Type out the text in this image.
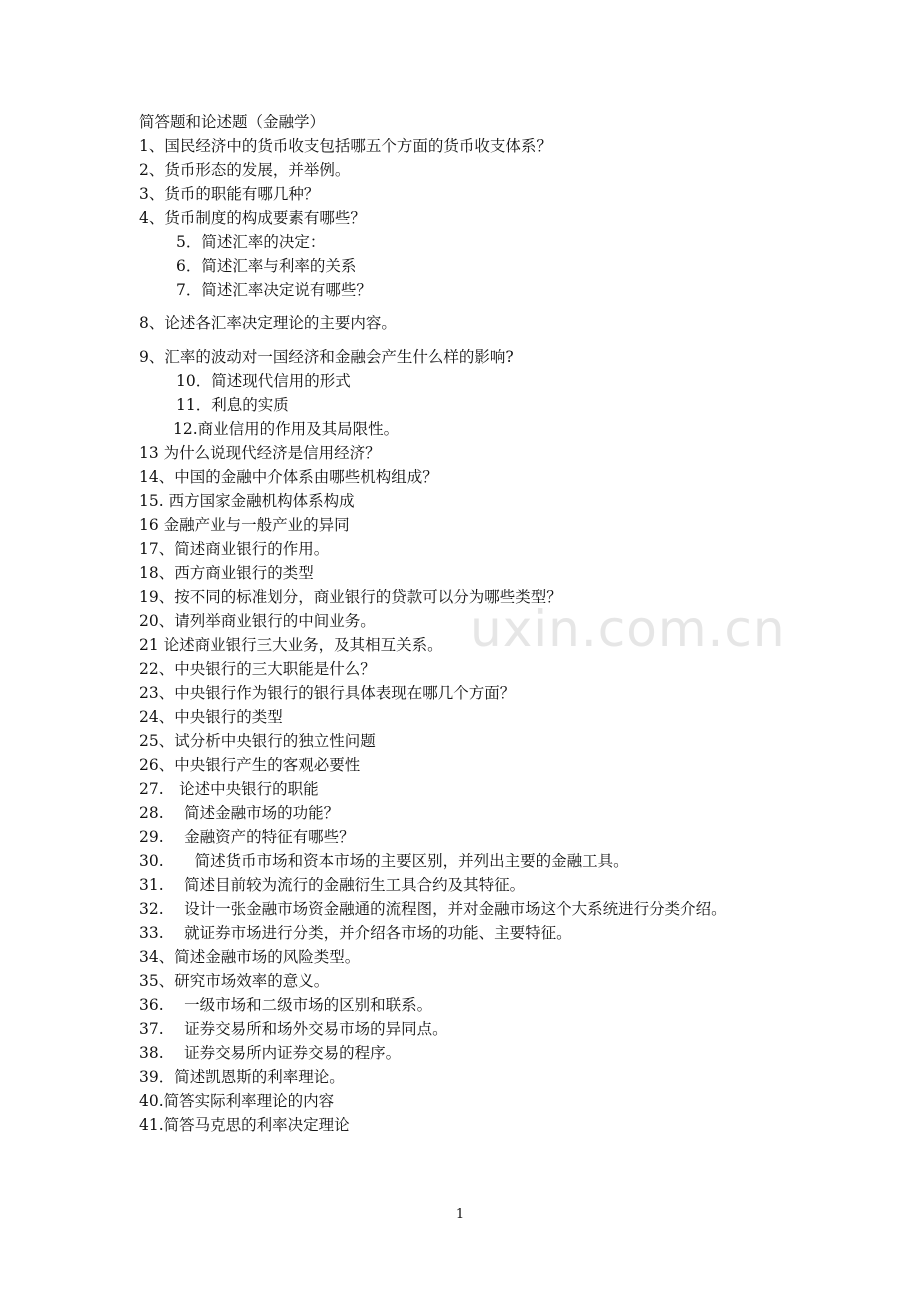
uxin.com.cn
简答题和论述题（金融学）
1、国民经济中的货币收支包括哪五个方面的货币收支体系？
2、货币形态的发展，并举例。
3、货币的职能有哪几种？
4、货币制度的构成要素有哪些？
5．简述汇率的决定：
6．简述汇率与利率的关系
7．简述汇率决定说有哪些？
8、论述各汇率决定理论的主要内容。
9、汇率的波动对一国经济和金融会产生什么样的影响?
10．简述现代信用的形式
11．利息的实质
12.商业信用的作用及其局限性。
13 为什么说现代经济是信用经济？
14、中国的金融中介体系由哪些机构组成？
15. 西方国家金融机构体系构成
16 金融产业与一般产业的异同
17、简述商业银行的作用。
18、西方商业银行的类型
19、按不同的标准划分，商业银行的贷款可以分为哪些类型？
20、请列举商业银行的中间业务。
21 论述商业银行三大业务，及其相互关系。
22、中央银行的三大职能是什么？
23、中央银行作为银行的银行具体表现在哪几个方面？
24、中央银行的类型
25、试分析中央银行的独立性问题
26、中央银行产生的客观必要性
27.　论述中央银行的职能
28.　 简述金融市场的功能？
29.　 金融资产的特征有哪些？
30.　　简述货币市场和资本市场的主要区别，并列出主要的金融工具。
31.　 简述目前较为流行的金融衍生工具合约及其特征。
32.　 设计一张金融市场资金融通的流程图，并对金融市场这个大系统进行分类介绍。
33.　 就证券市场进行分类，并介绍各市场的功能、主要特征。
34、简述金融市场的风险类型。
35、研究市场效率的意义。
36.　 一级市场和二级市场的区别和联系。
37.　 证券交易所和场外交易市场的异同点。
38.　 证券交易所内证券交易的程序。
39．简述凯恩斯的利率理论。
40.简答实际利率理论的内容
41.简答马克思的利率决定理论
1
